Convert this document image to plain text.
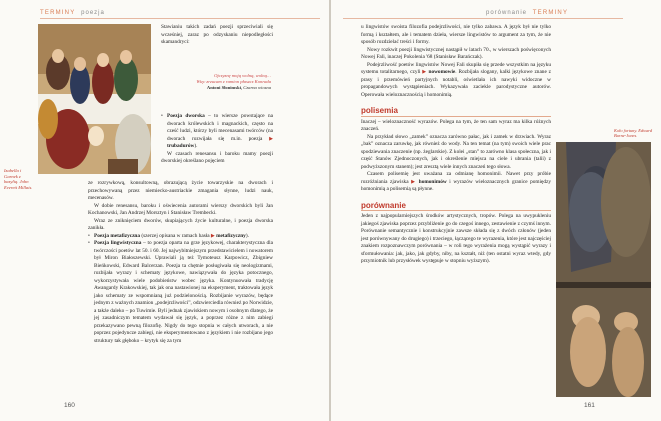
TERMINY poezja
Izabella i Garnek z bazylią. John Everett Millais.

Stawianiu takich zadań poezji sprzeciwiali się wcześniej, zaraz po odzyskaniu niepodległości skamandryci:

Ojczyznę moją wolną, wolną…
Więc zrzucam z ramion płaszcz Konrada
Antoni Słonimski, Czarna wiosna
• Poezja dworska – to wiersze powstające na dworach królewskich i magnackich, często na cześć ludzi, którzy byli mecenasami twórców (na dworach rozwijała się m.in. poezja ▶ trubadurów).

W czasach renesansu i baroku mamy poezji dworskiej określano pojęciem

ze rozrywkową, konsultowną, obrazującą życie towarzyskie na dworach i przechowywaną przez niemiecko-austriackie zmagania słynne, ludzi nauk, mecenasów.

W dobie renesansu, baroku i oświecenia autorami wierszy dworskich byli Jan Kochanowski, Jan Andrzej Morsztyn i Stanisław Trembecki.

Wraz ze zniknięciem dworów, skupiających życie kulturalne, i poezja dworska zanikła.

• Poezja metafizyczna (szerzej opisana w ramach hasła ▶ metafizyczny).
• Poezja lingwistyczna – to poezja oparta na grze językowej, charakterystyczna dla twórczości poetów lat 50. i 60. Jej najwybitniejszym przedstawicielem i nowatorem był Miron Białoszewski. Uprawiali ją też Tymoteusz Karpowicz, Zbigniew Bieńkowski, Edward Balcerzan. Poezja ta chętnie posługiwała się neologizmami, rozbijała wyrazy i schematy językowe, nawiązywała do języka potocznego, wykorzystywała wiele podobieństw wobec języka. Kontynuowała tradycję Awangardy Krakowskiej, tak jak ona nastawionej na eksperyment, traktowała język jako schematy ze wspomnianą już podzielonością. Rozbijanie wyrazów, będące jednym z ważnych znamion „podejrzliwości”, odzwierciedla również po Norwidzie, a także daleko – po Tuwimie. Byli jednak zjawiskiem nowym i osobnym dlatego, że jej zasadniczym tematem wydawał się język, a poprzez różne z nim zabiegi przekazywano pewną filozofię. Nigdy do tego stopnia w całych utworach, a nie poprzez pojedyncze zabiegi, nie eksperymentowano z językiem i nie rozbijano jego struktury tak głęboko – krytyk się za tym
160
porównanie TERMINY

u lingwistów swoista filozofia podejrzliwości, nie tylko zabawa. A język był nie tylko formą i kształtem, ale i tematem dzieła, wiersze lingwistów to argument za tym, że nie sposób rozdzielać treści i formy.

Nowy rozkwit poezji lingwistycznej nastąpił w latach 70., w wierszach poświęconych Nowej Fali, inaczej Pokolenia '68 (Stanisław Barańczak).

Podejrzliwość poetów lingwistów Nowej Fali skupiła się przede wszystkim na języku systemu totalitarnego, czyli ▶ nowomowie. Rozbijała slogany, kalki językowe znane z prasy i przemówień partyjnych notabli, oświetlała ich nawyki widoczne w propagandowych wystąpieniach. Wykazywała zaciekle parodystyczne autorów. Operowała wieloznacznością i homonimią.

polisemia

Inaczej – wieloznaczność wyrazów. Polega na tym, że ten sam wyraz ma kilka różnych znaczeń.

Na przykład słowo „zamek” oznacza zarówno pałac, jak i zamek w drzwiach. Wyraz „bak” oznacza zaruwkę, jak również do wody. Na ten temat (na tym) swoich wiele prac spodziewania znaczenie (np. żeglarskie). Z kolei „stan” to zarówno klasa społeczna, jak i część Stanów Zjednoczonych, jak i określenie miejsca na ciele i ubrania (talii) z podwyższonym stanem); jest zresztą wiele innych znaczeń tego słowa.

Czasem polisemię jest uważana za odmianę homonimii. Nawet przy próbie rozróżniania zjawiska ▶ homonimów i wyrazów wieloznacznych granice pomiędzy homonimią a polisemią są płynne.

porównanie

Jeden z najpopularniejszych środków artystycznych, tropów. Polega na uwypukleniu jakiegoś zjawiska poprzez przybliżenie go do czegoś innego, zestawienie z czymś innym. Porównanie semantycznie i konstrukcyjnie zawsze składa się z dwóch członów (jeden jest porównywany do drugiego) i trzeciego, łączącego te wyrazenia, które jest najczęściej znakiem rozpoznawczym porównania – w roli tego wyrażenia mogą wystąpić wyrazy i sformułowania: jak, jako, jak gdyby, niby, na kształt, niż (ten ostatni wyraz wtedy, gdy przymiotnik lub przysłówek występuje w stopniu wyższym).

Koło fortuny. Edward Burne-Jones.
161
